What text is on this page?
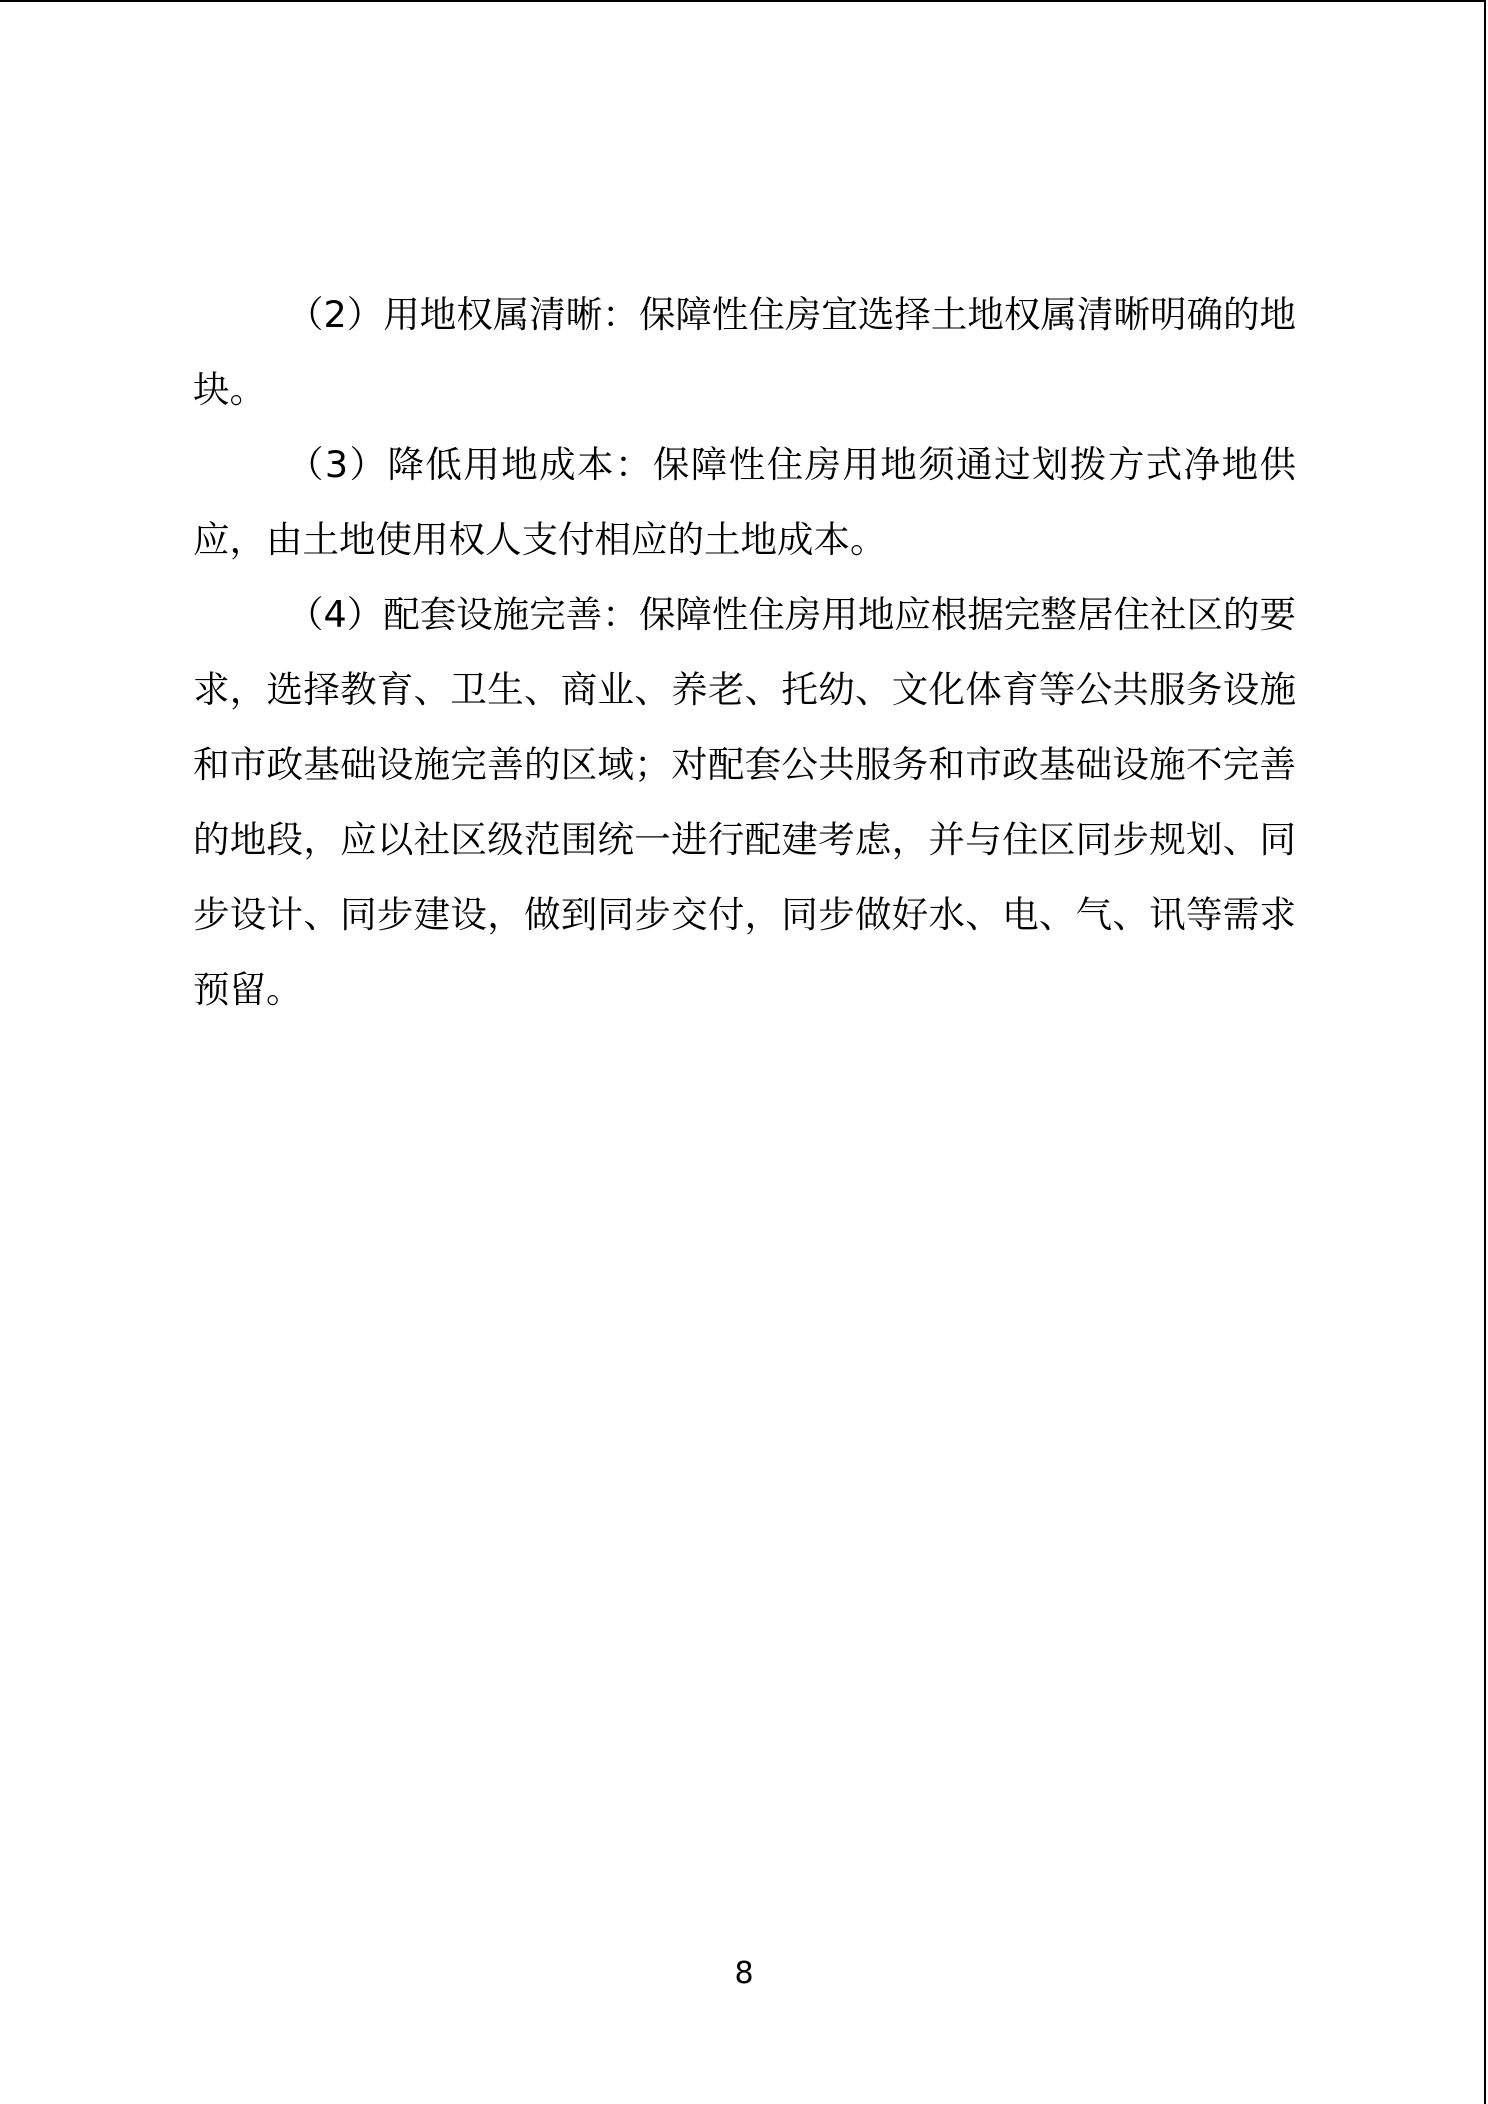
（2）用地权属清晰：保障性住房宜选择土地权属清晰明确的地块。

（3）降低用地成本：保障性住房用地须通过划拨方式净地供应，由土地使用权人支付相应的土地成本。

（4）配套设施完善：保障性住房用地应根据完整居住社区的要求，选择教育、卫生、商业、养老、托幼、文化体育等公共服务设施和市政基础设施完善的区域；对配套公共服务和市政基础设施不完善的地段，应以社区级范围统一进行配建考虑，并与住区同步规划、同步设计、同步建设，做到同步交付，同步做好水、电、气、讯等需求预留。

8
